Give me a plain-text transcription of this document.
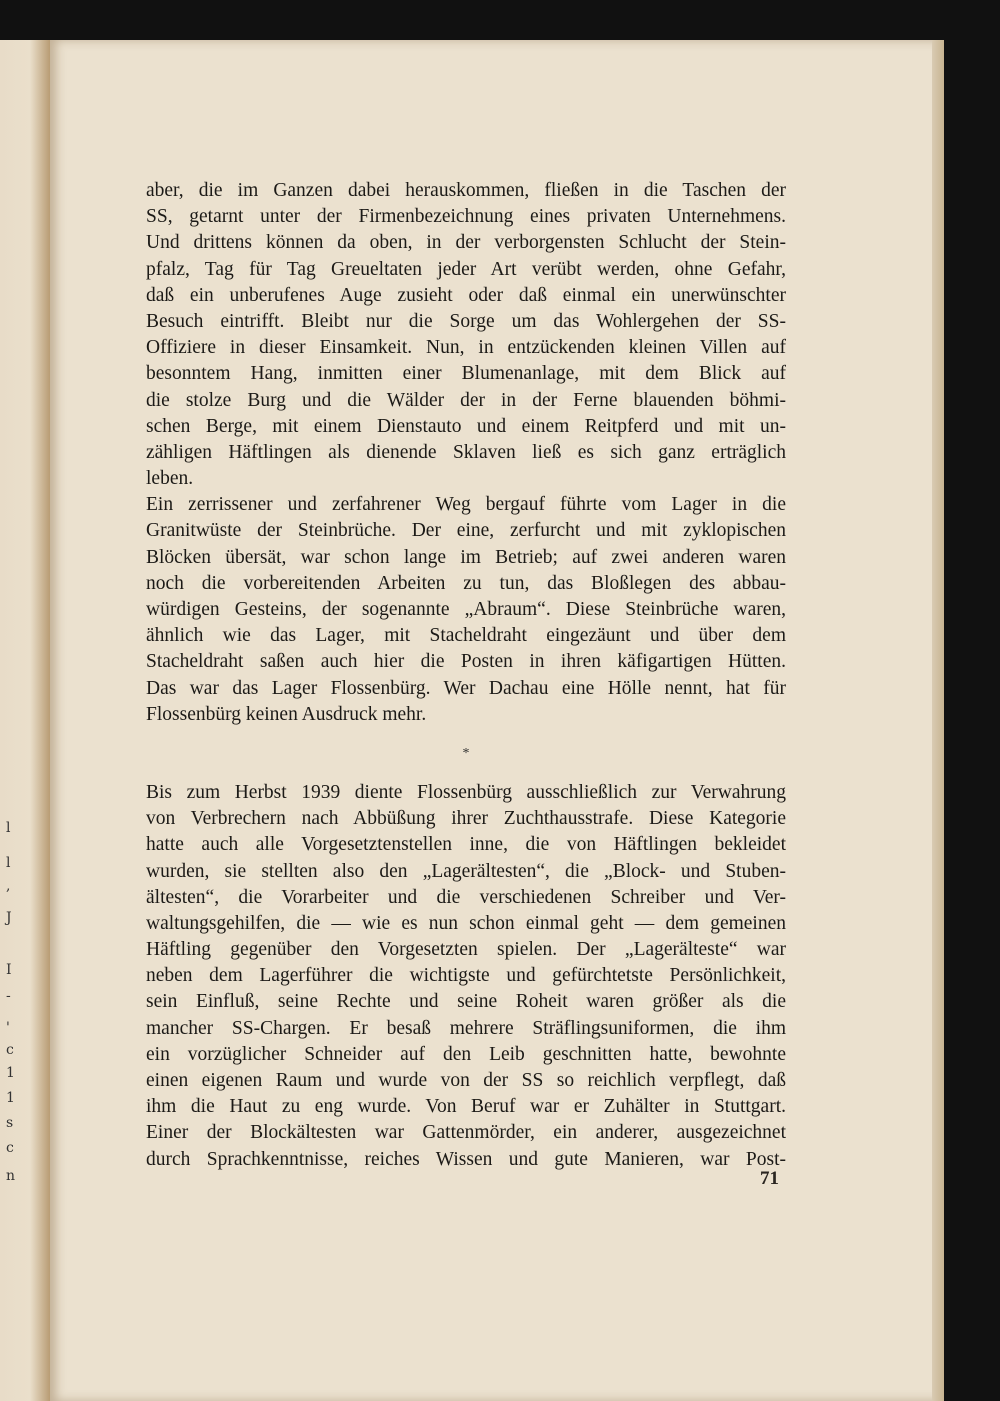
l
l
,
J
I
-
'
c
1
1
s
c
n
aber, die im Ganzen dabei herauskommen, fließen in die Taschen der
SS, getarnt unter der Firmenbezeichnung eines privaten Unternehmens.
Und drittens können da oben, in der verborgensten Schlucht der Stein-
pfalz, Tag für Tag Greueltaten jeder Art verübt werden, ohne Gefahr,
daß ein unberufenes Auge zusieht oder daß einmal ein unerwünschter
Besuch eintrifft. Bleibt nur die Sorge um das Wohlergehen der SS-
Offiziere in dieser Einsamkeit. Nun, in entzückenden kleinen Villen auf
besonntem Hang, inmitten einer Blumenanlage, mit dem Blick auf
die stolze Burg und die Wälder der in der Ferne blauenden böhmi-
schen Berge, mit einem Dienstauto und einem Reitpferd und mit un-
zähligen Häftlingen als dienende Sklaven ließ es sich ganz erträglich
leben.
Ein zerrissener und zerfahrener Weg bergauf führte vom Lager in die
Granitwüste der Steinbrüche. Der eine, zerfurcht und mit zyklopischen
Blöcken übersät, war schon lange im Betrieb; auf zwei anderen waren
noch die vorbereitenden Arbeiten zu tun, das Bloßlegen des abbau-
würdigen Gesteins, der sogenannte „Abraum“. Diese Steinbrüche waren,
ähnlich wie das Lager, mit Stacheldraht eingezäunt und über dem
Stacheldraht saßen auch hier die Posten in ihren käfigartigen Hütten.
Das war das Lager Flossenbürg. Wer Dachau eine Hölle nennt, hat für
Flossenbürg keinen Ausdruck mehr.
*
Bis zum Herbst 1939 diente Flossenbürg ausschließlich zur Verwahrung
von Verbrechern nach Abbüßung ihrer Zuchthausstrafe. Diese Kategorie
hatte auch alle Vorgesetztenstellen inne, die von Häftlingen bekleidet
wurden, sie stellten also den „Lagerältesten“, die „Block- und Stuben-
ältesten“, die Vorarbeiter und die verschiedenen Schreiber und Ver-
waltungsgehilfen, die — wie es nun schon einmal geht — dem gemeinen
Häftling gegenüber den Vorgesetzten spielen. Der „Lagerälteste“ war
neben dem Lagerführer die wichtigste und gefürchtetste Persönlichkeit,
sein Einfluß, seine Rechte und seine Roheit waren größer als die
mancher SS-Chargen. Er besaß mehrere Sträflingsuniformen, die ihm
ein vorzüglicher Schneider auf den Leib geschnitten hatte, bewohnte
einen eigenen Raum und wurde von der SS so reichlich verpflegt, daß
ihm die Haut zu eng wurde. Von Beruf war er Zuhälter in Stuttgart.
Einer der Blockältesten war Gattenmörder, ein anderer, ausgezeichnet
durch Sprachkenntnisse, reiches Wissen und gute Manieren, war Post-
71
